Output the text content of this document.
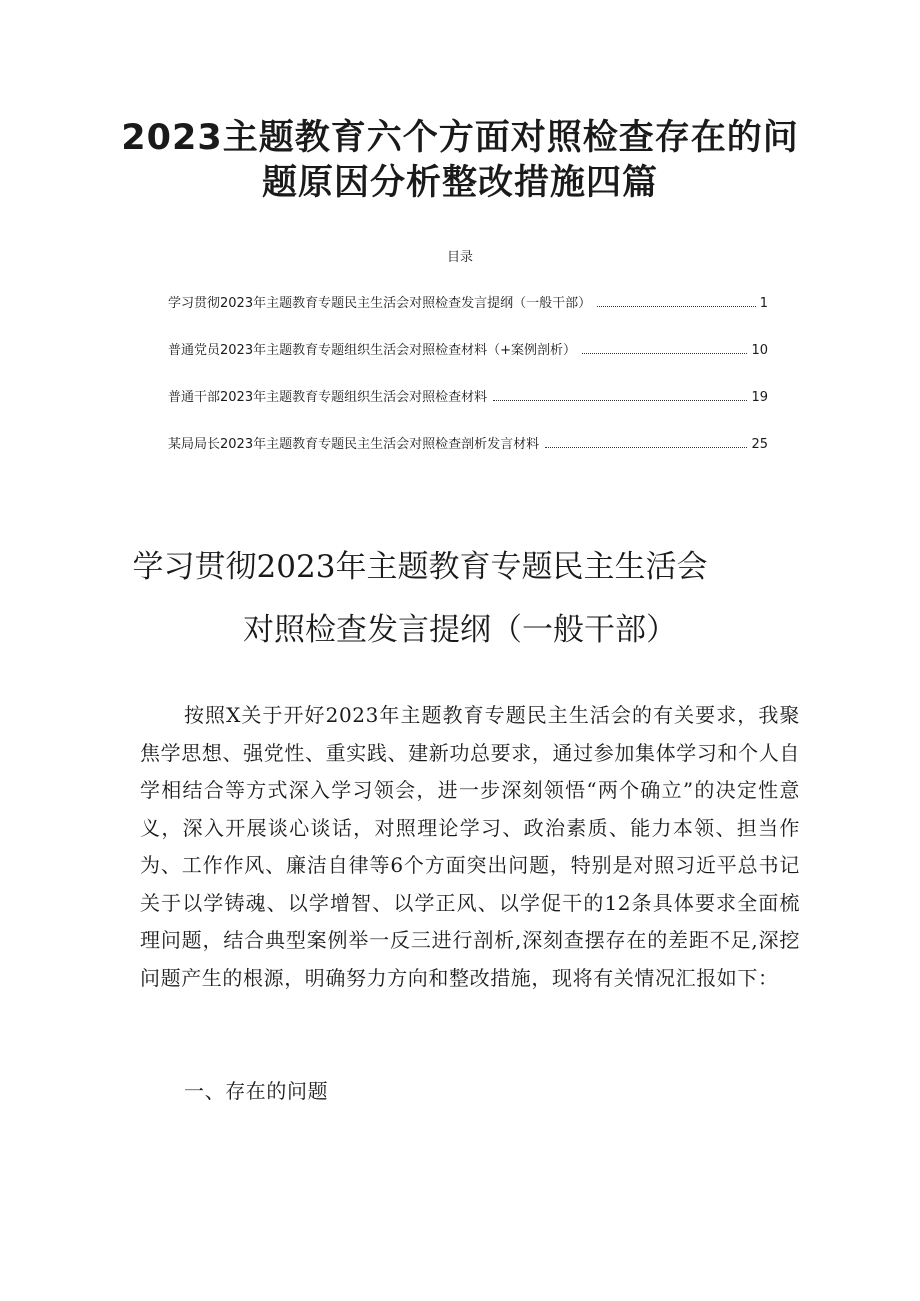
2023主题教育六个方面对照检查存在的问
题原因分析整改措施四篇

目录

学习贯彻2023年主题教育专题民主生活会对照检查发言提纲（一般干部）	1
普通党员2023年主题教育专题组织生活会对照检查材料（+案例剖析）	10
普通干部2023年主题教育专题组织生活会对照检查材料	19
某局局长2023年主题教育专题民主生活会对照检查剖析发言材料	25
学习贯彻2023年主题教育专题民主生活会
对照检查发言提纲（一般干部）

按照X关于开好2023年主题教育专题民主生活会的有关要求，我聚焦学思想、强党性、重实践、建新功总要求，通过参加集体学习和个人自学相结合等方式深入学习领会，进一步深刻领悟“两个确立”的决定性意义，深入开展谈心谈话，对照理论学习、政治素质、能力本领、担当作为、工作作风、廉洁自律等6个方面突出问题，特别是对照习近平总书记关于以学铸魂、以学增智、以学正风、以学促干的12条具体要求全面梳理问题，结合典型案例举一反三进行剖析,深刻查摆存在的差距不足,深挖问题产生的根源，明确努力方向和整改措施，现将有关情况汇报如下：

一、存在的问题
